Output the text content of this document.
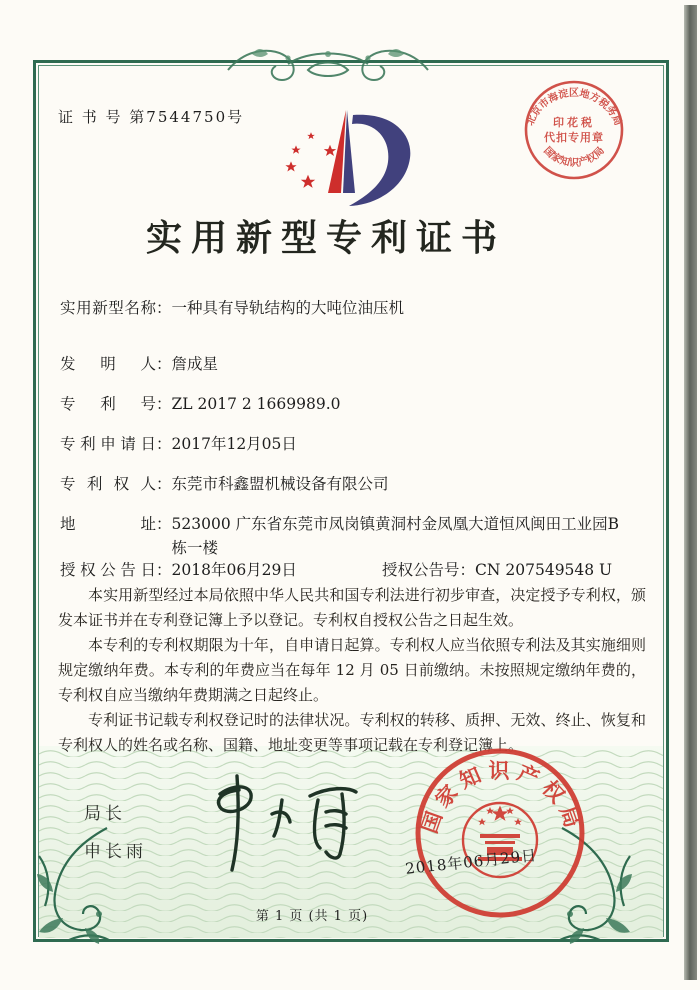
证 书 号 第7544750号	北京市海淀区地方税务局
印花税
代扣专用章
国家知识产权局
实用新型专利证书
实用新型名称：一种具有导轨结构的大吨位油压机
发明人：詹成星
专利号：ZL 2017 2 1669989.0
专利申请日：2017年12月05日
专利权人：东莞市科鑫盟机械设备有限公司
地址：523000 广东省东莞市凤岗镇黄洞村金凤凰大道恒风闽田工业园B栋一楼
授权公告日：2018年06月29日	授权公告号：CN 207549548 U

本实用新型经过本局依照中华人民共和国专利法进行初步审查，决定授予专利权，颁发本证书并在专利登记簿上予以登记。专利权自授权公告之日起生效。

本专利的专利权期限为十年，自申请日起算。专利权人应当依照专利法及其实施细则规定缴纳年费。本专利的年费应当在每年 12 月 05 日前缴纳。未按照规定缴纳年费的，专利权自应当缴纳年费期满之日起终止。

专利证书记载专利权登记时的法律状况。专利权的转移、质押、无效、终止、恢复和专利权人的姓名或名称、国籍、地址变更等事项记载在专利登记簿上。

局长
申长雨
国家知识产权局
2018年06月29日
第 1 页 (共 1 页)
